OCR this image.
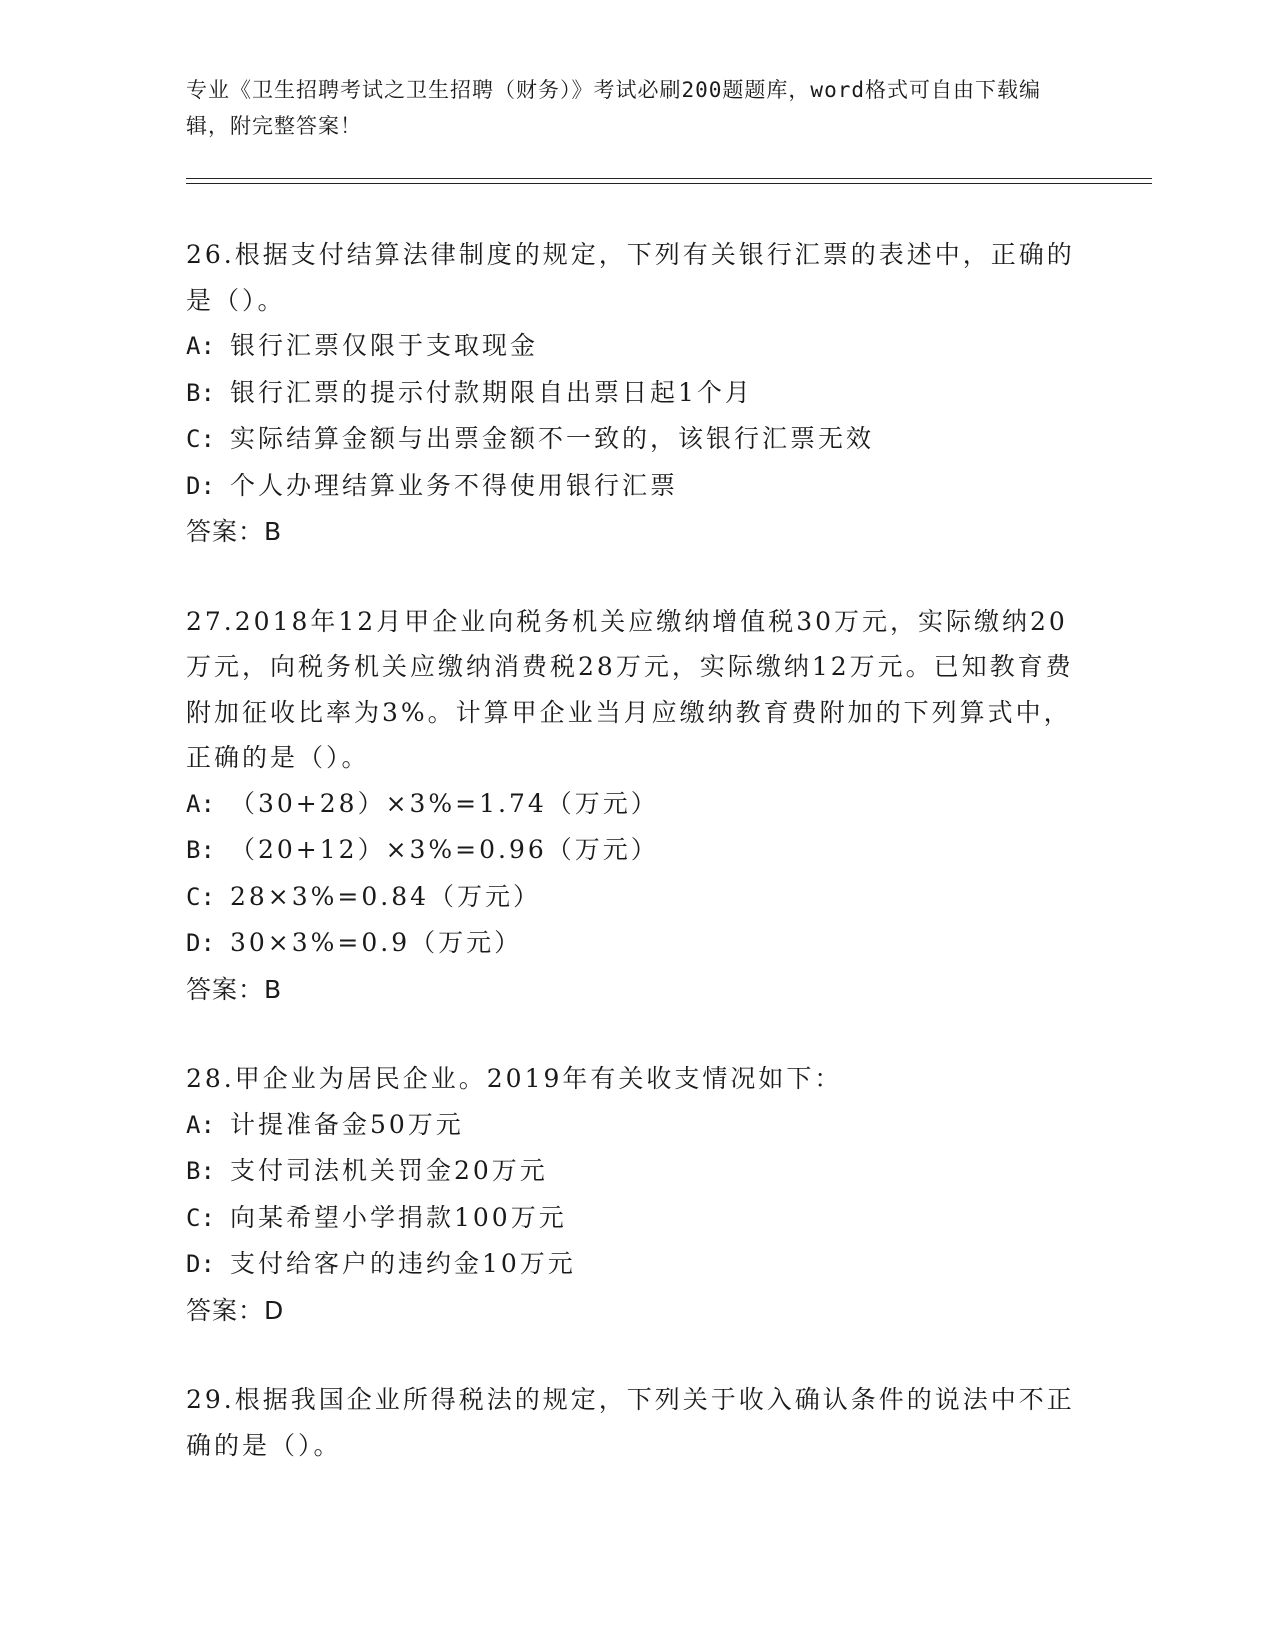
专业《卫生招聘考试之卫生招聘（财务）》考试必刷200题题库，word格式可自由下载编辑，附完整答案！

26.根据支付结算法律制度的规定，下列有关银行汇票的表述中，正确的是（）。

A: 银行汇票仅限于支取现金

B: 银行汇票的提示付款期限自出票日起1个月

C: 实际结算金额与出票金额不一致的，该银行汇票无效

D: 个人办理结算业务不得使用银行汇票

答案：B

27.2018年12月甲企业向税务机关应缴纳增值税30万元，实际缴纳20万元，向税务机关应缴纳消费税28万元，实际缴纳12万元。已知教育费附加征收比率为3%。计算甲企业当月应缴纳教育费附加的下列算式中，正确的是（）。

A: （30+28）×3%=1.74（万元）

B: （20+12）×3%=0.96（万元）

C: 28×3%=0.84（万元）

D: 30×3%=0.9（万元）

答案：B

28.甲企业为居民企业。2019年有关收支情况如下：

A: 计提准备金50万元

B: 支付司法机关罚金20万元

C: 向某希望小学捐款100万元

D: 支付给客户的违约金10万元

答案：D

29.根据我国企业所得税法的规定，下列关于收入确认条件的说法中不正确的是（）。
